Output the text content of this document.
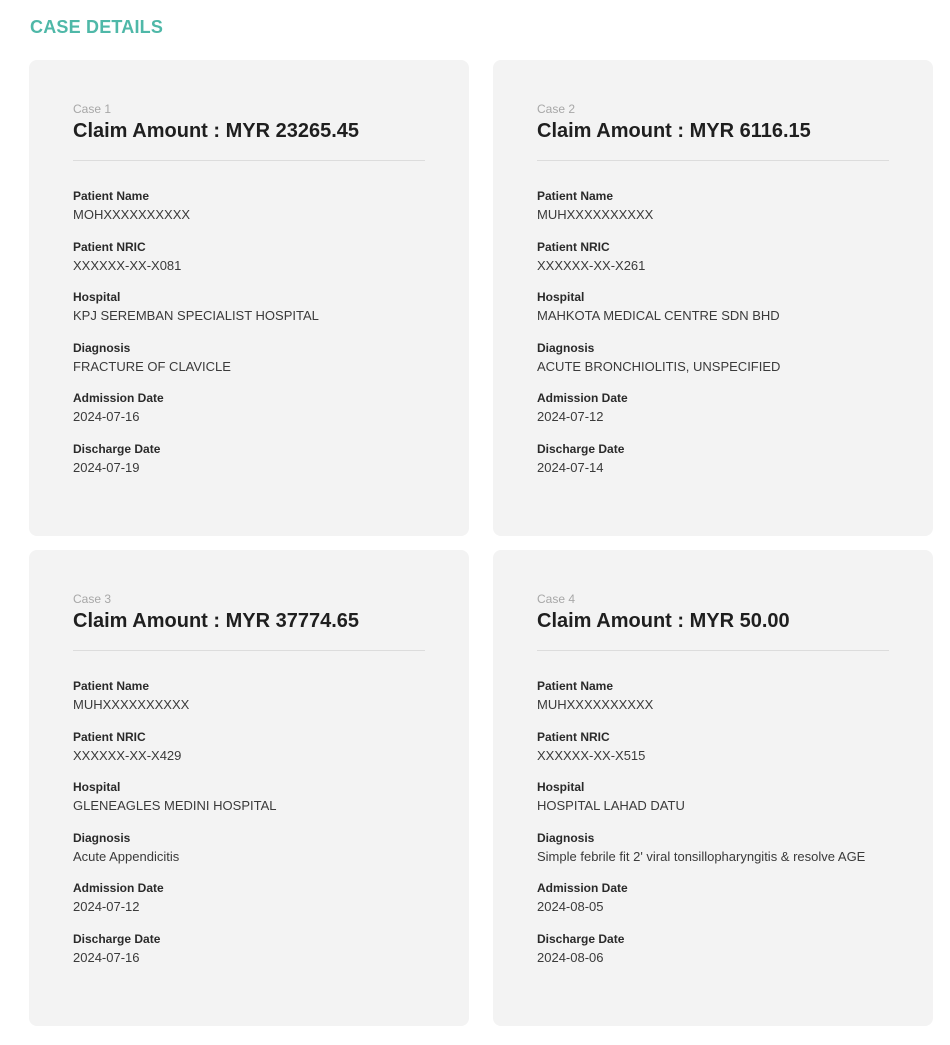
CASE DETAILS
Case 1
Claim Amount : MYR 23265.45
Patient Name
MOHXXXXXXXXXX
Patient NRIC
XXXXXX-XX-X081
Hospital
KPJ SEREMBAN SPECIALIST HOSPITAL
Diagnosis
FRACTURE OF CLAVICLE
Admission Date
2024-07-16
Discharge Date
2024-07-19
Case 2
Claim Amount : MYR 6116.15
Patient Name
MUHXXXXXXXXXX
Patient NRIC
XXXXXX-XX-X261
Hospital
MAHKOTA MEDICAL CENTRE SDN BHD
Diagnosis
ACUTE BRONCHIOLITIS, UNSPECIFIED
Admission Date
2024-07-12
Discharge Date
2024-07-14
Case 3
Claim Amount : MYR 37774.65
Patient Name
MUHXXXXXXXXXX
Patient NRIC
XXXXXX-XX-X429
Hospital
GLENEAGLES MEDINI HOSPITAL
Diagnosis
Acute Appendicitis
Admission Date
2024-07-12
Discharge Date
2024-07-16
Case 4
Claim Amount : MYR 50.00
Patient Name
MUHXXXXXXXXXX
Patient NRIC
XXXXXX-XX-X515
Hospital
HOSPITAL LAHAD DATU
Diagnosis
Simple febrile fit 2' viral tonsillopharyngitis & resolve AGE
Admission Date
2024-08-05
Discharge Date
2024-08-06
